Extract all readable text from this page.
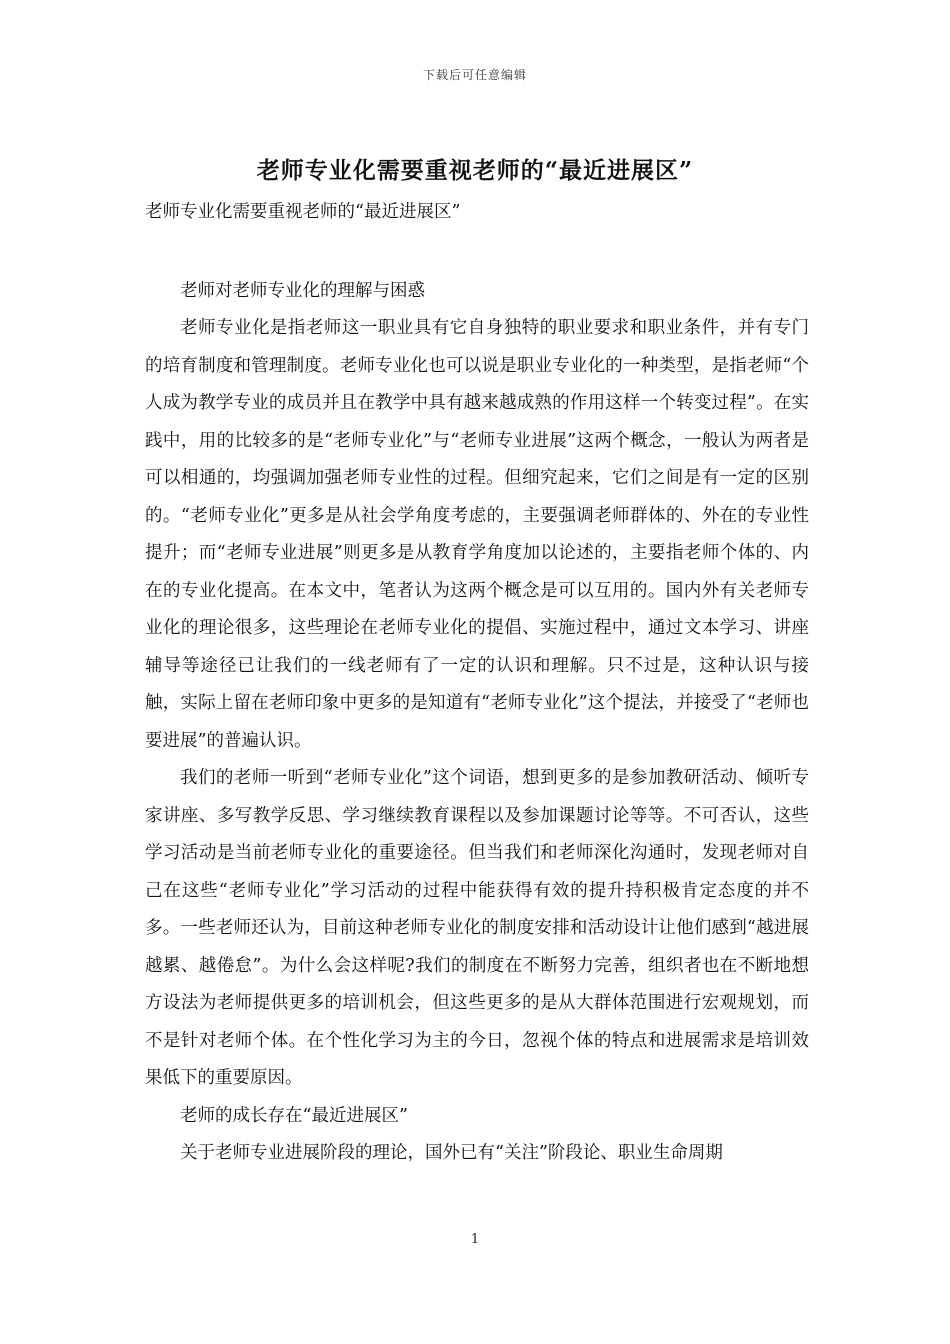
下载后可任意编辑
老师专业化需要重视老师的“最近进展区”

老师专业化需要重视老师的“最近进展区”

老师对老师专业化的理解与困惑

老师专业化是指老师这一职业具有它自身独特的职业要求和职业条件，并有专门的培育制度和管理制度。老师专业化也可以说是职业专业化的一种类型，是指老师“个人成为教学专业的成员并且在教学中具有越来越成熟的作用这样一个转变过程”。在实践中，用的比较多的是“老师专业化”与“老师专业进展”这两个概念，一般认为两者是可以相通的，均强调加强老师专业性的过程。但细究起来，它们之间是有一定的区别的。“老师专业化”更多是从社会学角度考虑的，主要强调老师群体的、外在的专业性提升；而“老师专业进展”则更多是从教育学角度加以论述的，主要指老师个体的、内在的专业化提高。在本文中，笔者认为这两个概念是可以互用的。国内外有关老师专业化的理论很多，这些理论在老师专业化的提倡、实施过程中，通过文本学习、讲座辅导等途径已让我们的一线老师有了一定的认识和理解。只不过是，这种认识与接触，实际上留在老师印象中更多的是知道有“老师专业化”这个提法，并接受了“老师也要进展”的普遍认识。

我们的老师一听到“老师专业化”这个词语，想到更多的是参加教研活动、倾听专家讲座、多写教学反思、学习继续教育课程以及参加课题讨论等等。不可否认，这些学习活动是当前老师专业化的重要途径。但当我们和老师深化沟通时，发现老师对自己在这些“老师专业化”学习活动的过程中能获得有效的提升持积极肯定态度的并不多。一些老师还认为，目前这种老师专业化的制度安排和活动设计让他们感到“越进展越累、越倦怠”。为什么会这样呢?我们的制度在不断努力完善，组织者也在不断地想方设法为老师提供更多的培训机会，但这些更多的是从大群体范围进行宏观规划，而不是针对老师个体。在个性化学习为主的今日，忽视个体的特点和进展需求是培训效果低下的重要原因。

老师的成长存在“最近进展区”

关于老师专业进展阶段的理论，国外已有“关注”阶段论、职业生命周期

1
